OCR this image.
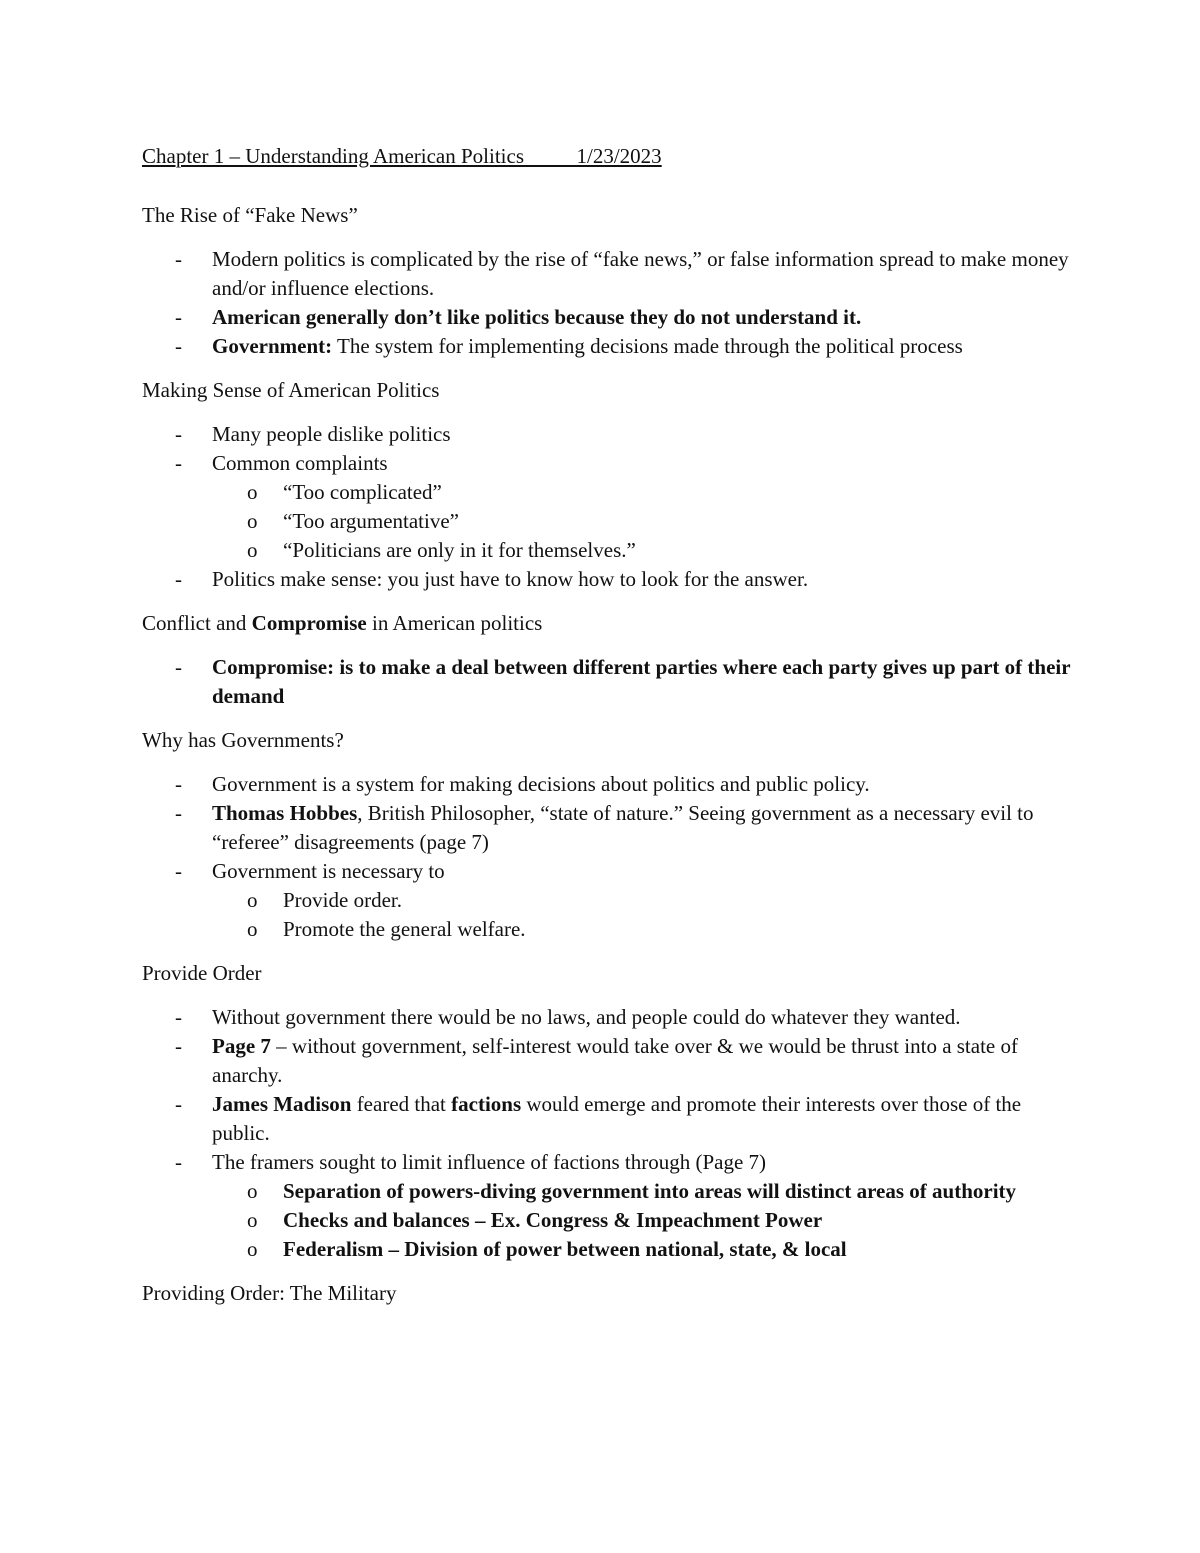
Chapter 1 – Understanding American Politics          1/23/2023
The Rise of “Fake News”
- Modern politics is complicated by the rise of “fake news,” or false information spread to make money and/or influence elections.
- American generally don’t like politics because they do not understand it.
- Government: The system for implementing decisions made through the political process
Making Sense of American Politics
- Many people dislike politics
- Common complaints
o “Too complicated”
o “Too argumentative”
o “Politicians are only in it for themselves.”
- Politics make sense: you just have to know how to look for the answer.
Conflict and Compromise in American politics
- Compromise: is to make a deal between different parties where each party gives up part of their demand
Why has Governments?
- Government is a system for making decisions about politics and public policy.
- Thomas Hobbes, British Philosopher, “state of nature.” Seeing government as a necessary evil to “referee” disagreements (page 7)
- Government is necessary to
o Provide order.
o Promote the general welfare.
Provide Order
- Without government there would be no laws, and people could do whatever they wanted.
- Page 7 – without government, self-interest would take over & we would be thrust into a state of anarchy.
- James Madison feared that factions would emerge and promote their interests over those of the public.
- The framers sought to limit influence of factions through (Page 7)
o Separation of powers-diving government into areas will distinct areas of authority
o Checks and balances – Ex. Congress & Impeachment Power
o Federalism – Division of power between national, state, & local
Providing Order: The Military
